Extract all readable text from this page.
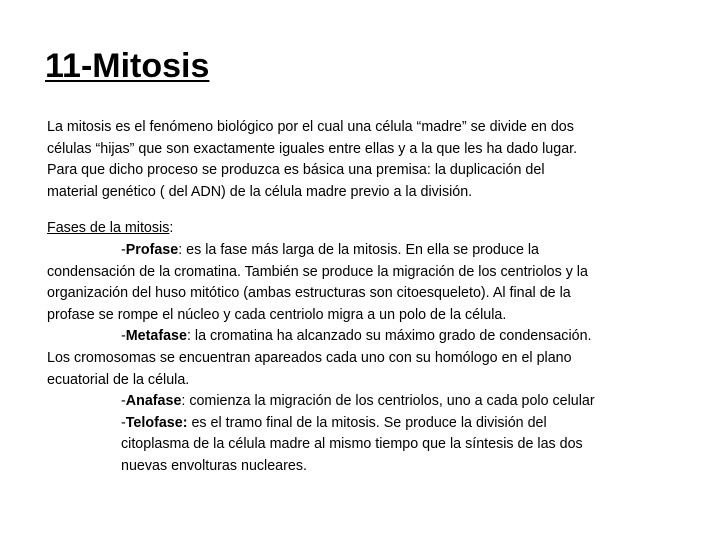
11-Mitosis
La mitosis es el fenómeno biológico por el cual una célula “madre” se divide en dos
células “hijas” que son exactamente iguales entre ellas y a la que les ha dado lugar.
Para que dicho proceso se produzca es básica una premisa: la duplicación del
material genético ( del ADN) de la célula madre previo a la división.
Fases de la mitosis:
-Profase: es la fase más larga de la mitosis. En ella se produce la
condensación de la cromatina. También se produce la migración de los centriolos y la
organización del huso mitótico (ambas estructuras son citoesqueleto). Al final de la
profase se rompe el núcleo y cada centriolo migra a un polo de la célula.
-Metafase: la cromatina ha alcanzado su máximo grado de condensación.
Los cromosomas se encuentran apareados cada uno con su homólogo en el plano
ecuatorial de la célula.
-Anafase: comienza la migración de los centriolos, uno a cada polo celular
-Telofase: es el tramo final de la mitosis. Se produce la división del
citoplasma de la célula madre al mismo tiempo que la síntesis de las dos
nuevas envolturas nucleares.
